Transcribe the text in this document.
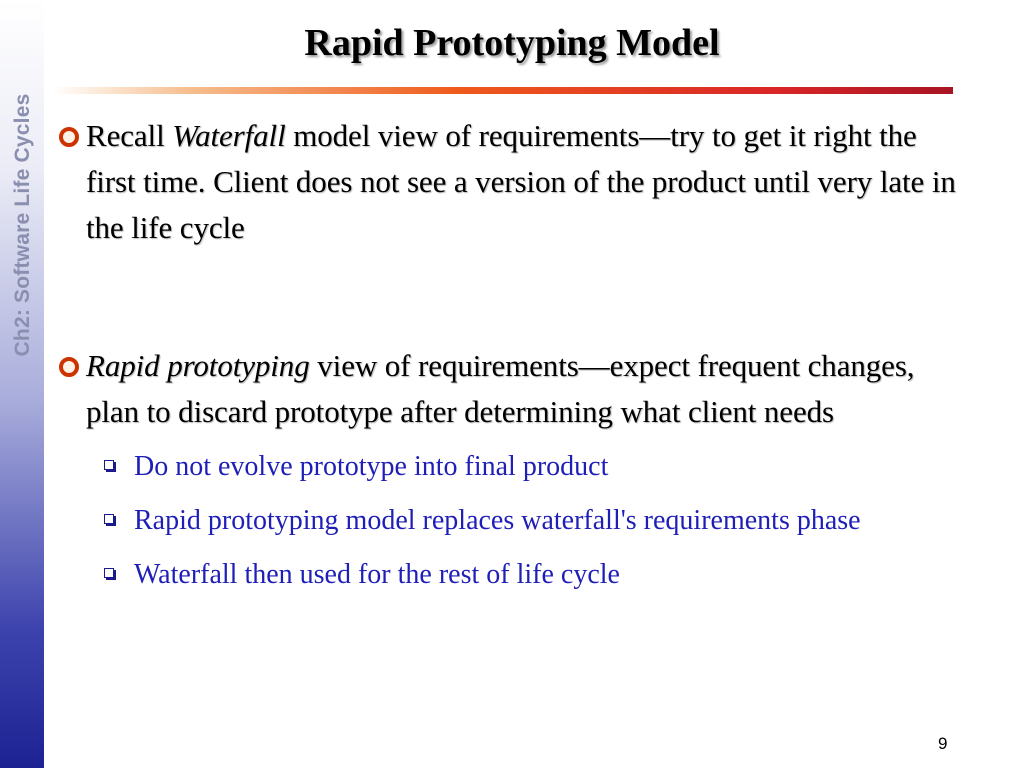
Ch2: Software Life Cycles
Rapid Prototyping Model
Recall Waterfall model view of requirements—try to get it right the first time. Client does not see a version of the product until very late in the life cycle
Rapid prototyping view of requirements—expect frequent changes, plan to discard prototype after determining what client needs
Do not evolve prototype into final product
Rapid prototyping model replaces waterfall's requirements phase
Waterfall then used for the rest of life cycle
9
